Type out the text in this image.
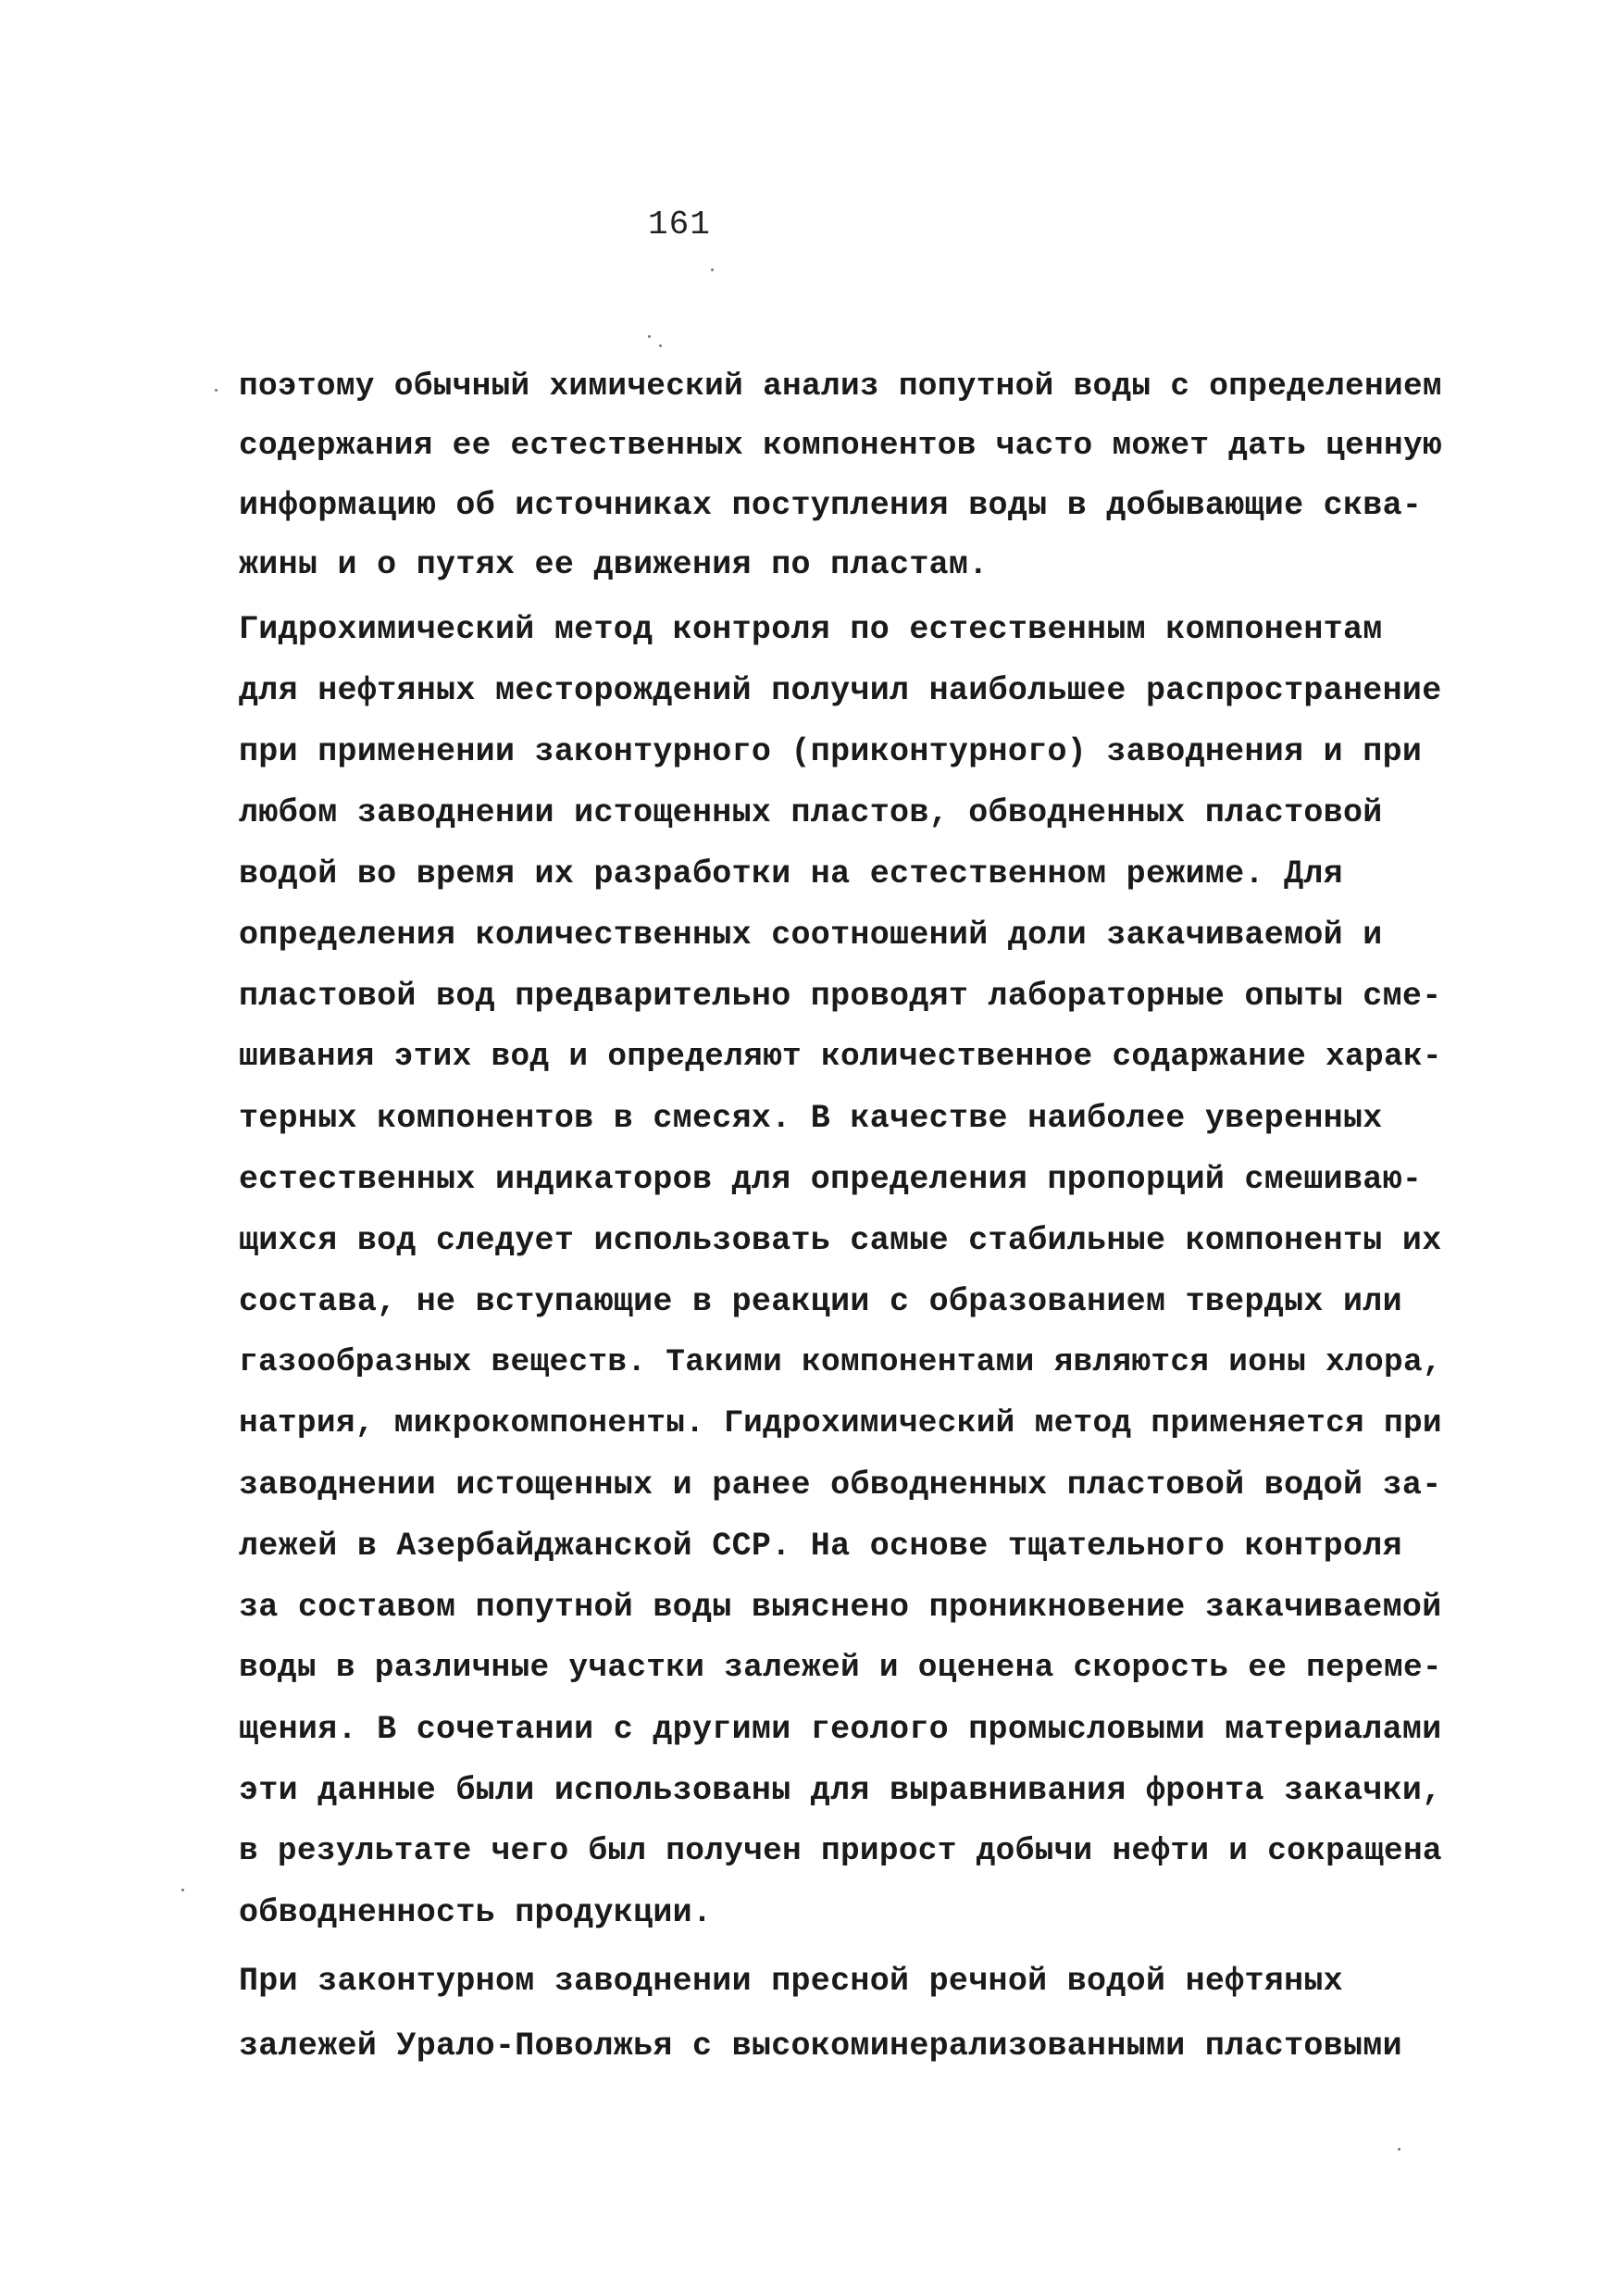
161
поэтому обычный химический анализ попутной воды с определением
содержания ее естественных компонентов часто может дать ценную
информацию об источниках поступления воды в добывающие сква-
жины и о путях ее движения по пластам.
Гидрохимический метод контроля по естественным компонентам
для нефтяных месторождений получил наибольшее распространение
при применении законтурного (приконтурного) заводнения и при
любом заводнении истощенных пластов, обводненных пластовой
водой во время их разработки на естественном режиме. Для
определения количественных соотношений доли закачиваемой и
пластовой вод предварительно проводят лабораторные опыты сме-
шивания этих вод и определяют количественное содаржание харак-
терных компонентов в смесях. В качестве наиболее уверенных
естественных индикаторов для определения пропорций смешиваю-
щихся вод следует использовать самые стабильные компоненты их
состава, не вступающие в реакции с образованием твердых или
газообразных веществ. Такими компонентами являются ионы хлора,
натрия, микрокомпоненты. Гидрохимический метод применяется при
заводнении истощенных и ранее обводненных пластовой водой за-
лежей в Азербайджанской ССР. На основе тщательного контроля
за составом попутной воды выяснено проникновение закачиваемой
воды в различные участки залежей и оценена скорость ее переме-
щения. В сочетании с другими геолого промысловыми материалами
эти данные были использованы для выравнивания фронта закачки,
в результате чего был получен прирост добычи нефти и сокращена
обводненность продукции.
При законтурном заводнении пресной речной водой нефтяных
залежей Урало-Поволжья с высокоминерализованными пластовыми
